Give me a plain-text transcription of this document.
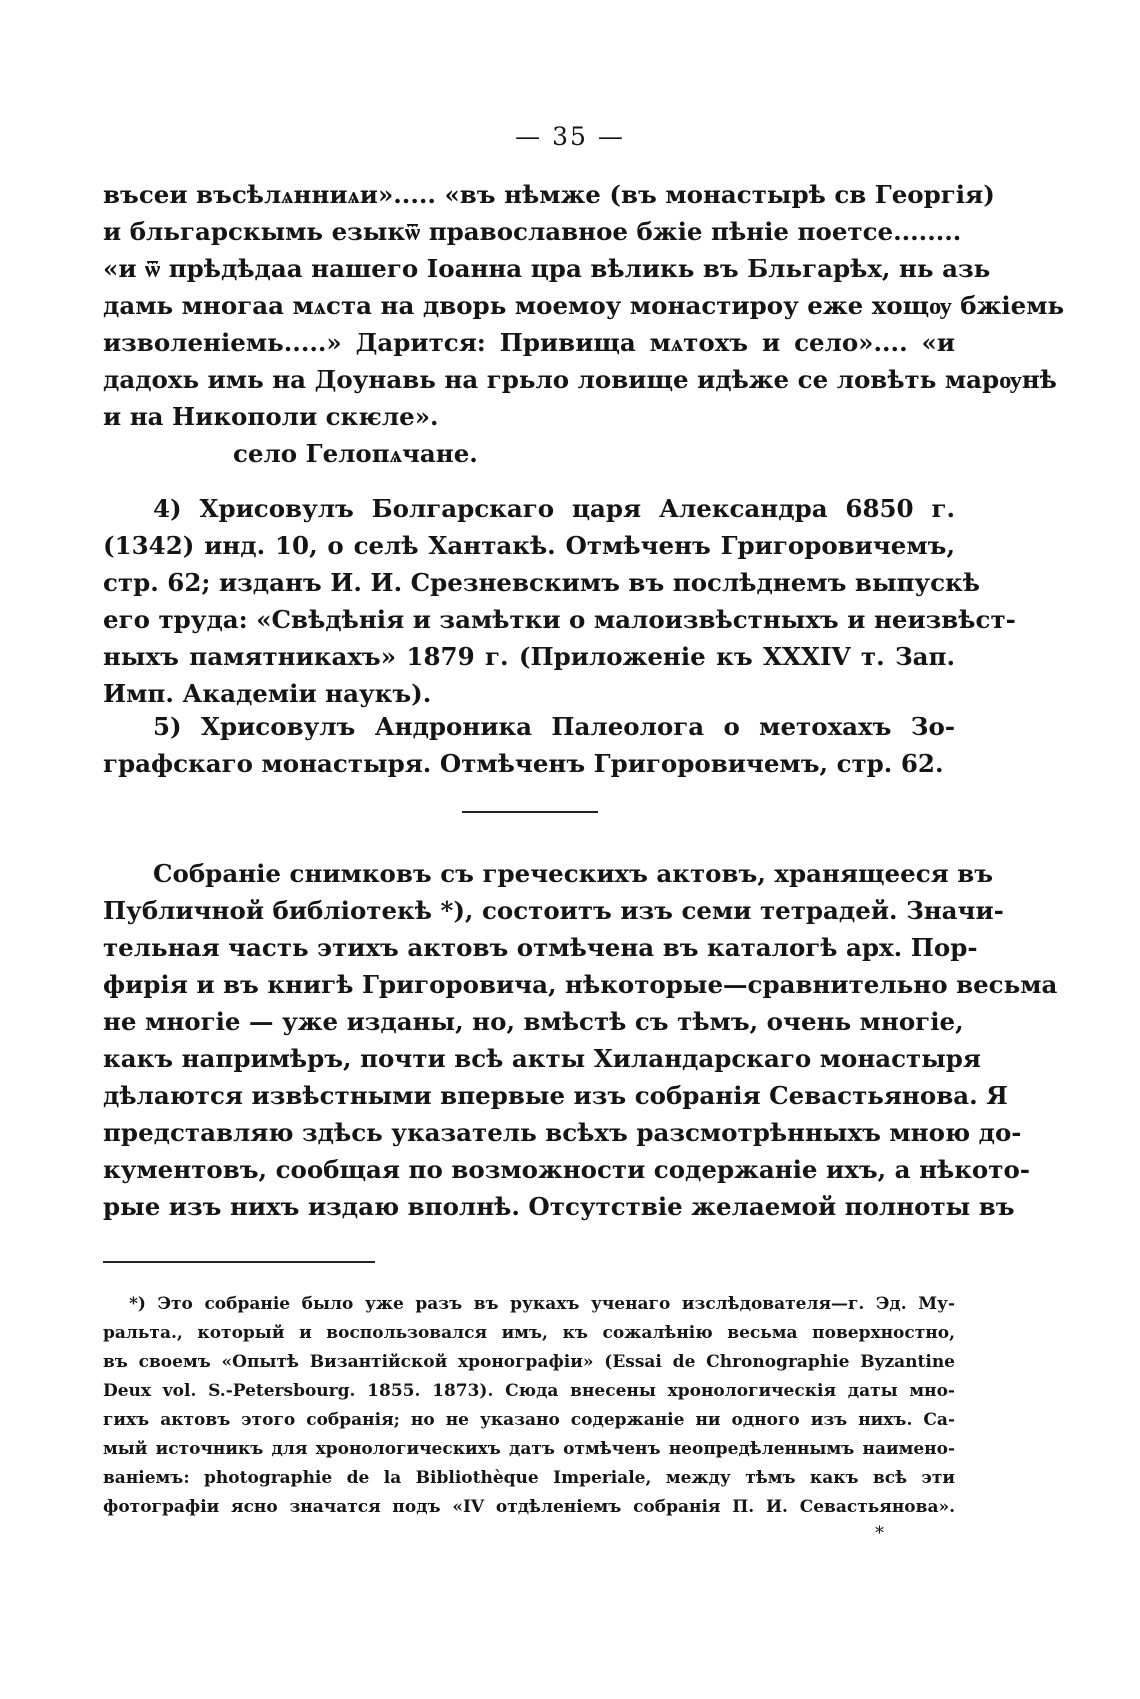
— 35 —
въсеи въсѣлѧнниѧи»..... «въ нѣмже (въ монастырѣ св Георгія)
и бльгарскымь езыкѿ православное бжіе пѣніе поетсе........
«и ѿ прѣдѣдаа нашего Іоанна цра вѣликь въ Бльгарѣх, нь азь
дамь многаа мѧста на дворь моемоу монастироу еже хощѹ бжіемь
изволеніемь.....» Дарится: Привища мѧтохъ и село».... «и
дадохь имь на Доунавь на грьло ловище идѣже се ловѣть марѹнѣ
и на Никополи скѥле».
село Гелопѧчане.
4) Хрисовулъ Болгарскаго царя Александра 6850 г.
(1342) инд. 10, о селѣ Хантакѣ. Отмѣченъ Григоровичемъ,
стр. 62; изданъ И. И. Срезневскимъ въ послѣднемъ выпускѣ
его труда: «Свѣдѣнія и замѣтки о малоизвѣстныхъ и неизвѣст-
ныхъ памятникахъ» 1879 г. (Приложеніе къ XXXIV т. Зап.
Имп. Академіи наукъ).
5) Хрисовулъ Андроника Палеолога о метохахъ Зо-
графскаго монастыря. Отмѣченъ Григоровичемъ, стр. 62.
Собраніе снимковъ съ греческихъ актовъ, хранящееся въ
Публичной библіотекѣ *), состоитъ изъ семи тетрадей. Значи-
тельная часть этихъ актовъ отмѣчена въ каталогѣ арх. Пор-
фирія и въ книгѣ Григоровича, нѣкоторые—сравнительно весьма
не многіе — уже изданы, но, вмѣстѣ съ тѣмъ, очень многіе,
какъ напримѣръ, почти всѣ акты Хиландарскаго монастыря
дѣлаются извѣстными впервые изъ собранія Севастьянова. Я
представляю здѣсь указатель всѣхъ разсмотрѣнныхъ мною до-
кументовъ, сообщая по возможности содержаніе ихъ, а нѣкото-
рые изъ нихъ издаю вполнѣ. Отсутствіе желаемой полноты въ
*) Это собраніе было уже разъ въ рукахъ ученаго изслѣдователя—г. Эд. Му-
ральта., который и воспользовался имъ, къ сожалѣнію весьма поверхностно,
въ своемъ «Опытѣ Византійской хронографіи» (Essai de Chronographie Byzantine
Deux vol. S.-Petersbourg. 1855. 1873). Сюда внесены хронологическія даты мно-
гихъ актовъ этого собранія; но не указано содержаніе ни одного изъ нихъ. Са-
мый источникъ для хронологическихъ датъ отмѣченъ неопредѣленнымъ наимено-
ваніемъ: photographie de la Bibliothèque Imperiale, между тѣмъ какъ всѣ эти
фотографіи ясно значатся подъ «IV отдѣленіемъ собранія П. И. Севастьянова».
*
